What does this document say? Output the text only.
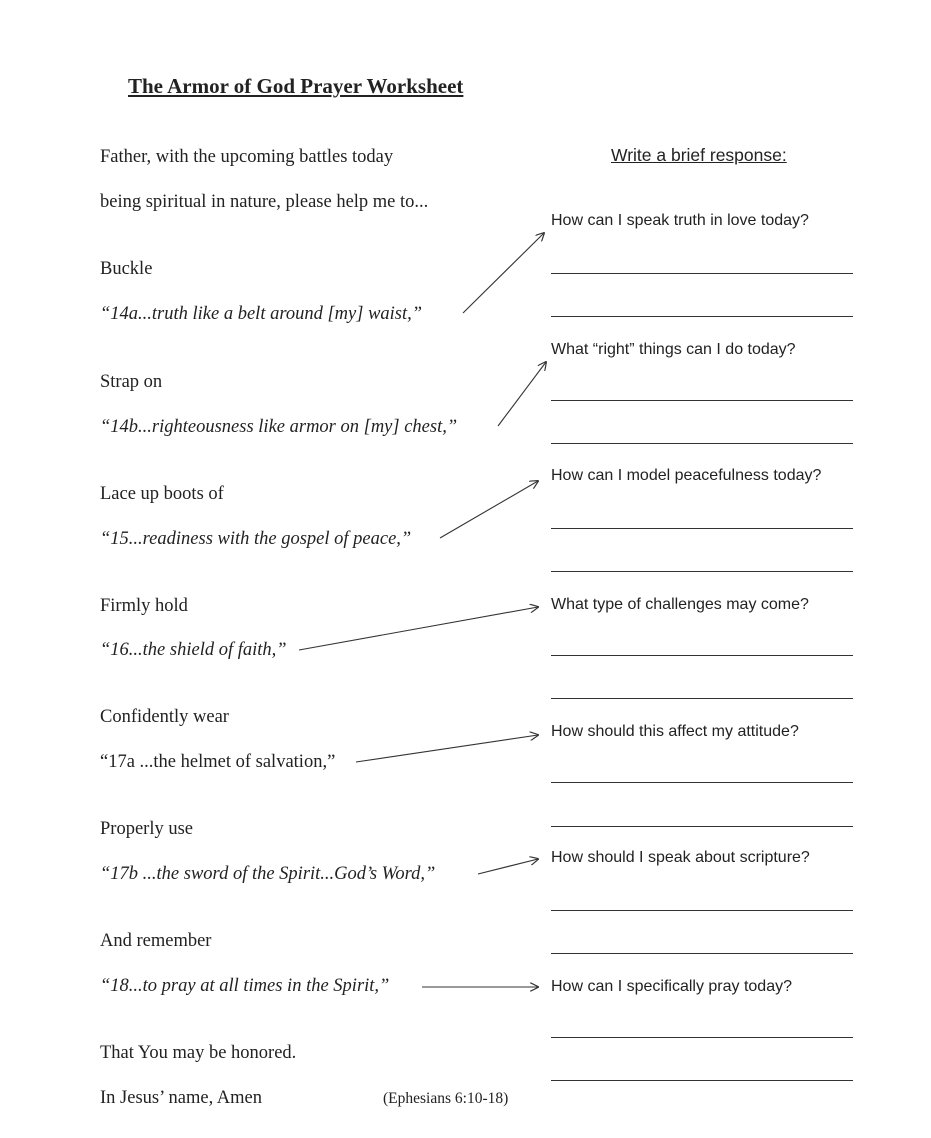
The Armor of God Prayer Worksheet
Father, with the upcoming battles today
being spiritual in nature, please help me to...
Write a brief response:
Buckle
“14a...truth like a belt around [my] waist,”
How can I speak truth in love today?
Strap on
“14b...righteousness like armor on [my] chest,”
What “right” things can I do today?
Lace up boots of
“15...readiness with the gospel of peace,”
How can I model peacefulness today?
Firmly hold
“16...the shield of faith,”
What type of challenges may come?
Confidently wear
“17a ...the helmet of salvation,”
How should this affect my attitude?
Properly use
“17b ...the sword of the Spirit...God’s Word,”
How should I speak about scripture?
And remember
“18...to pray at all times in the Spirit,”	How can I specifically pray today?
That You may be honored.
In Jesus’ name, Amen	(Ephesians 6:10-18)
